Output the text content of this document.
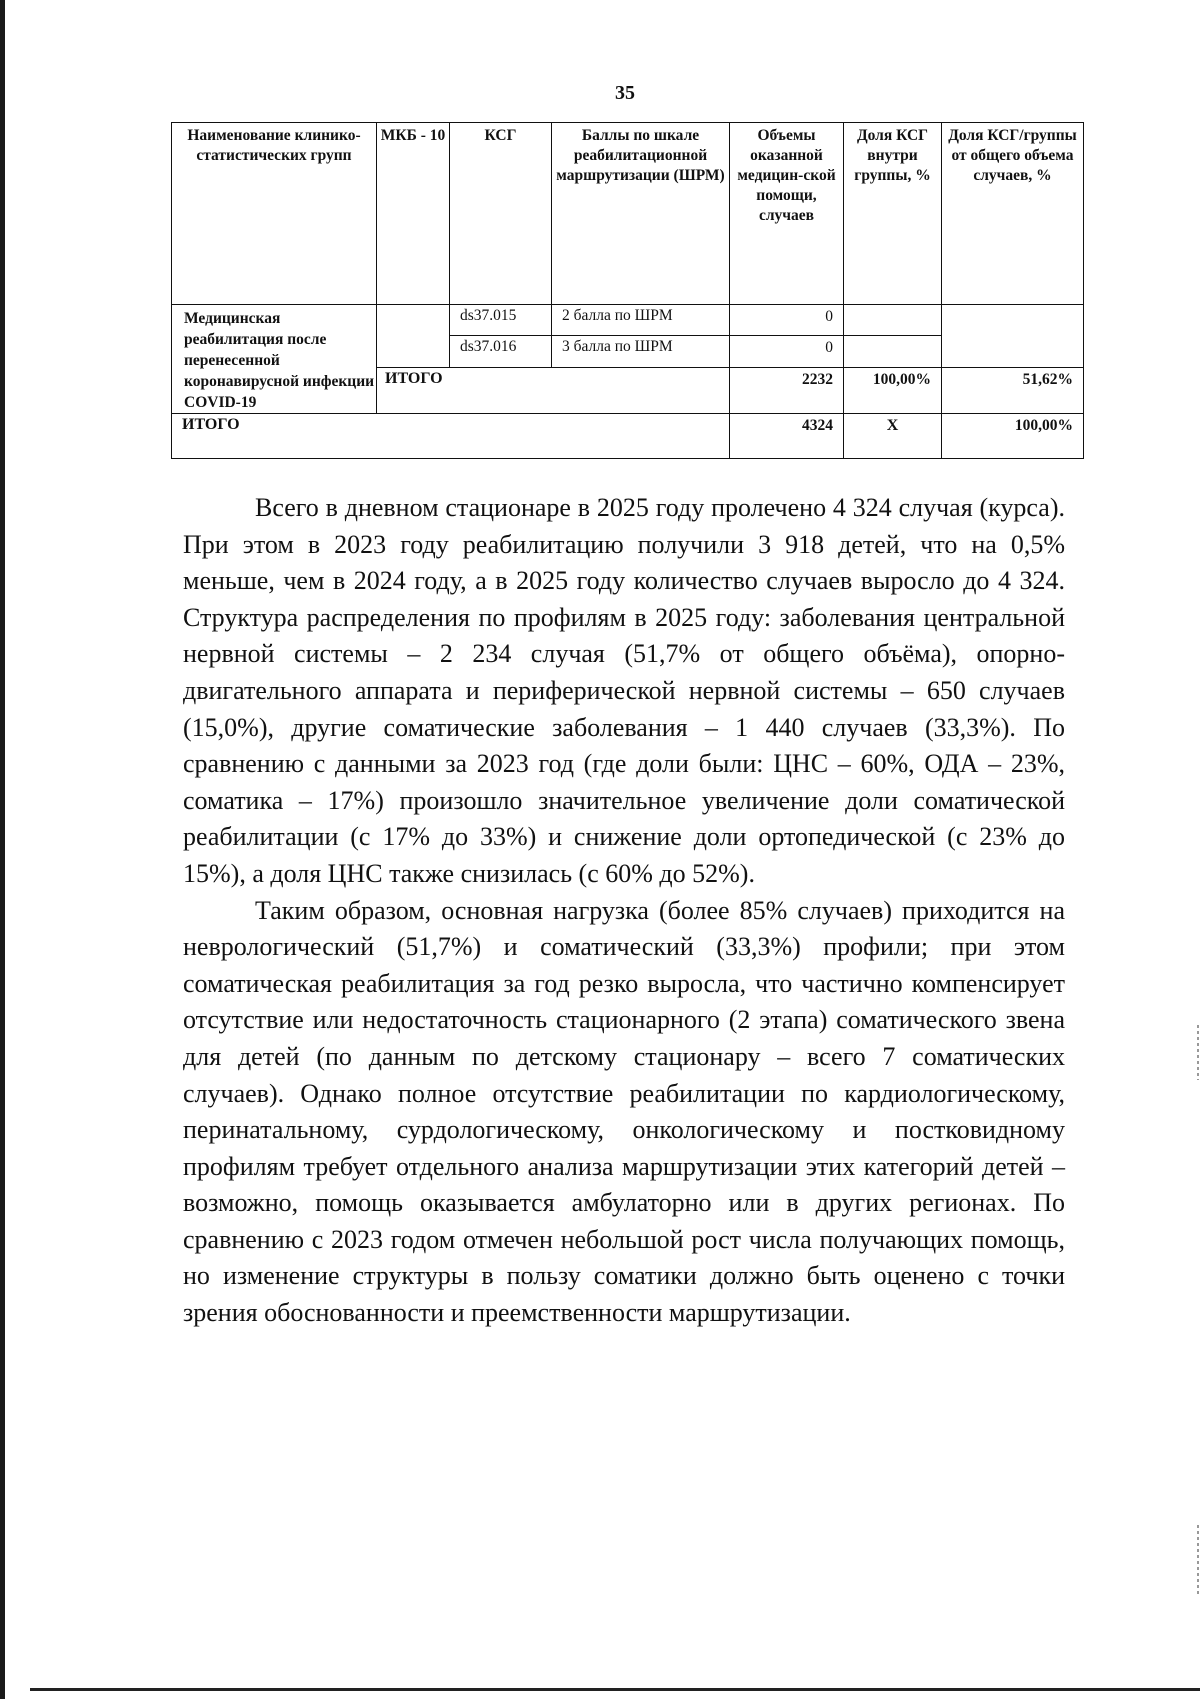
35
Наименование клинико-статистических групп	МКБ - 10	КСГ	Баллы по шкале реабилитационной маршрутизации (ШРМ)	Объемы оказанной медицин-ской помощи, случаев	Доля КСГ внутри группы, %	Доля КСГ/группы от общего объема случаев, %
Медицинская реабилитация после перенесенной коронавирусной инфекции COVID-19		ds37.015	2 балла по ШРМ	0		
		ds37.016	3 балла по ШРМ	0		
	ИТОГО			2232	100,00%	51,62%
ИТОГО				4324	Х	100,00%

Всего в дневном стационаре в 2025 году пролечено 4 324 случая (курса). При этом в 2023 году реабилитацию получили 3 918 детей, что на 0,5% меньше, чем в 2024 году, а в 2025 году количество случаев выросло до 4 324. Структура распределения по профилям в 2025 году: заболевания центральной нервной системы – 2 234 случая (51,7% от общего объёма), опорно-двигательного аппарата и периферической нервной системы – 650 случаев (15,0%), другие соматические заболевания – 1 440 случаев (33,3%). По сравнению с данными за 2023 год (где доли были: ЦНС – 60%, ОДА – 23%, соматика – 17%) произошло значительное увеличение доли соматической реабилитации (с 17% до 33%) и снижение доли ортопедической (с 23% до 15%), а доля ЦНС также снизилась (с 60% до 52%).

Таким образом, основная нагрузка (более 85% случаев) приходится на неврологический (51,7%) и соматический (33,3%) профили; при этом соматическая реабилитация за год резко выросла, что частично компенсирует отсутствие или недостаточность стационарного (2 этапа) соматического звена для детей (по данным по детскому стационару – всего 7 соматических случаев). Однако полное отсутствие реабилитации по кардиологическому, перинатальному, сурдологическому, онкологическому и постковидному профилям требует отдельного анализа маршрутизации этих категорий детей – возможно, помощь оказывается амбулаторно или в других регионах. По сравнению с 2023 годом отмечен небольшой рост числа получающих помощь, но изменение структуры в пользу соматики должно быть оценено с точки зрения обоснованности и преемственности маршрутизации.
